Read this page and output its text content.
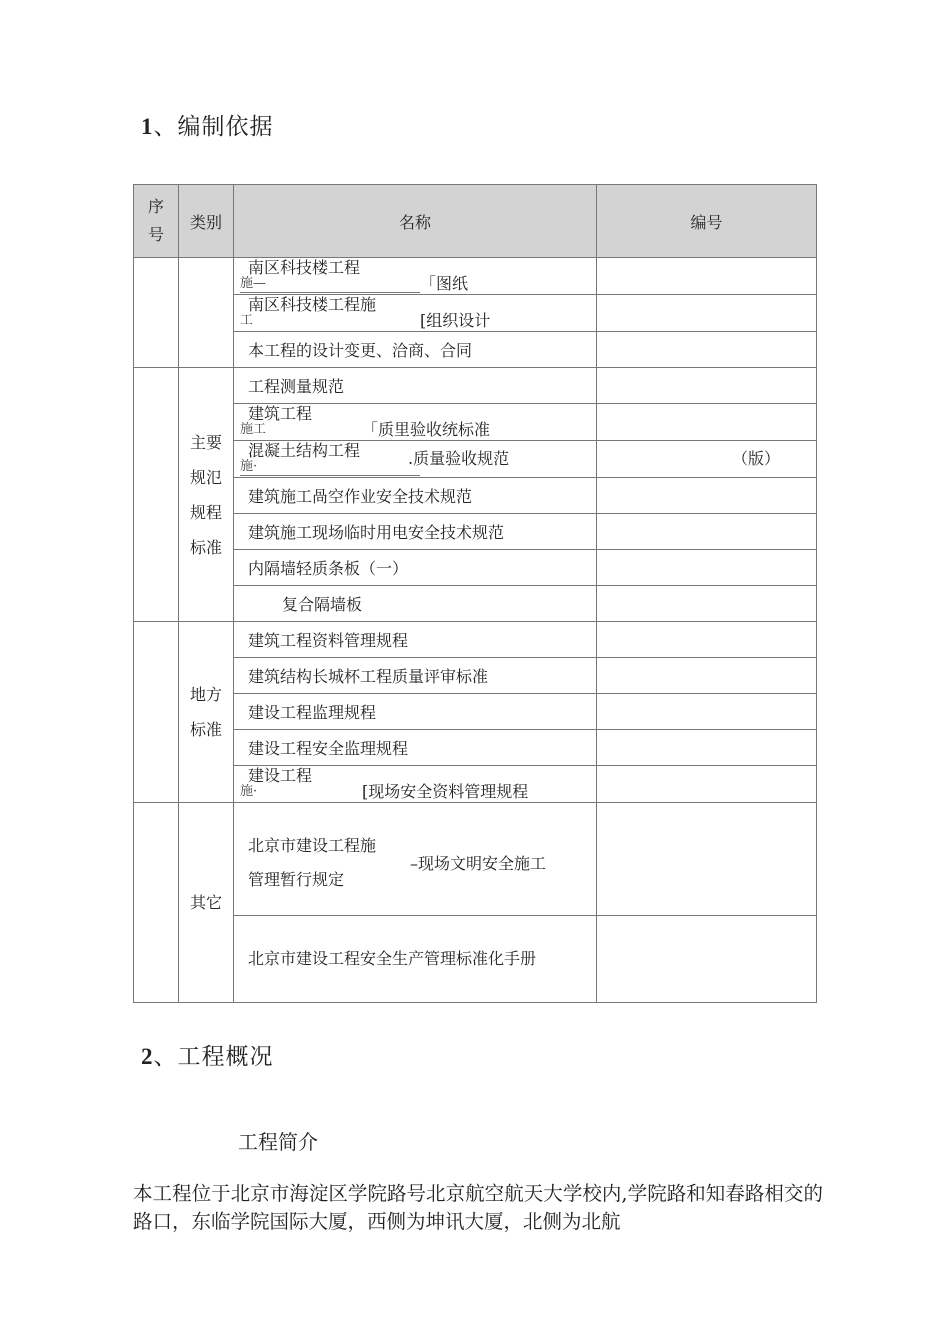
1、编制依据
序
号	类别	名称	编号

		南区科技楼工程
施— 「图纸	

		南区科技楼工程施
工 [组织设计	

		本工程的设计变更、洽商、合同	
	主要
规氾
规程
标准	工程测量规范	

		建筑工程
施工 「质里验收统标准	

		混凝土结构工程
施· .质量验收规范	（版）

		建筑施工咼空作业安全技术规范	
		建筑施工现场临时用电安全技术规范	
		内隔墙轻质条板（一）	
		复合隔墙板	
	地方
标准	建筑工程资料管理规程	
		建筑结构长城杯工程质量评审标准	
		建设工程监理规程	
		建设工程安全监理规程	

		建设工程
施· [现场安全资料管理规程	

	其它	北京市建设工程施
管理暂行规定
–现场文明安全施工	

		北京市建设工程安全生产管理标准化手册	
2、工程概况
工程简介
本工程位于北京市海淀区学院路号北京航空航天大学校内,学院路和知春路相交的路口，东临学院国际大厦，西侧为坤讯大厦，北侧为北航
